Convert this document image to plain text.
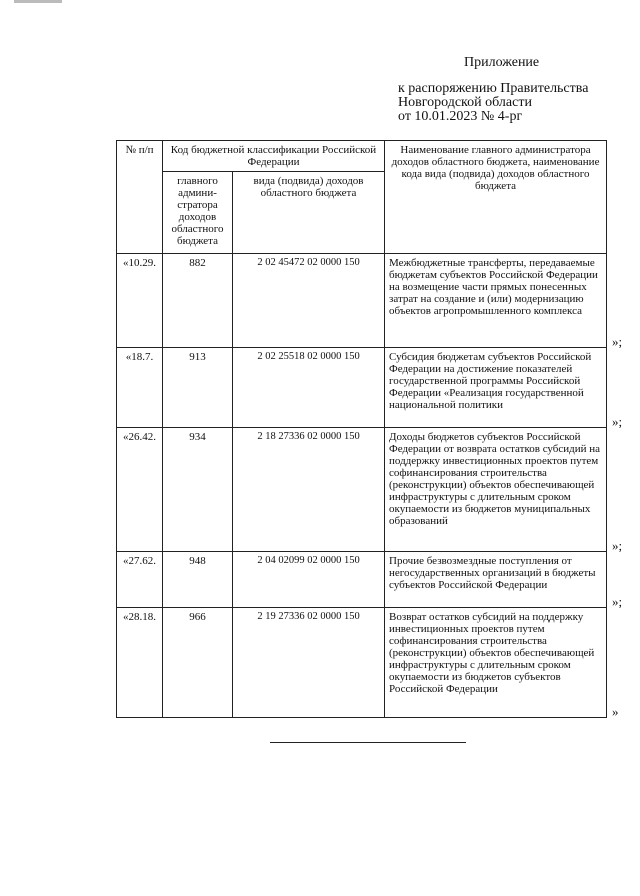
Приложение
к распоряжению Правительства
Новгородской области
от 10.01.2023 № 4-рг
№ п/п	Код бюджетной классификации Российской Федерации		Наименование главного администратора доходов областного бюджета, наименование кода вида (подвида) доходов областного бюджета
	главного админи-стратора доходов областного бюджета	вида (подвида) доходов областного бюджета	
«10.29.	882	2 02 45472 02 0000 150	Межбюджетные трансферты, передаваемые бюджетам субъектов Российской Федерации на возмещение части прямых понесенных затрат на создание и (или) модернизацию объектов агропромышленного комплекса
»;

«18.7.	913	2 02 25518 02 0000 150	Субсидия бюджетам субъектов Российской Федерации на достижение показателей государственной программы Российской Федерации «Реализация государственной национальной политики
»;

«26.42.	934	2 18 27336 02 0000 150	Доходы бюджетов субъектов Российской Федерации от возврата остатков субсидий на поддержку инвестиционных проектов путем софинансирования строительства (реконструкции) объектов обеспечивающей инфраструктуры с длительным сроком окупаемости из бюджетов муниципальных образований
»;

«27.62.	948	2 04 02099 02 0000 150	Прочие безвозмездные поступления от негосударственных организаций в бюджеты субъектов Российской Федерации
»;

«28.18.	966	2 19 27336 02 0000 150	Возврат остатков субсидий на поддержку инвестиционных проектов путем софинансирования строительства (реконструкции) объектов обеспечивающей инфраструктуры с длительным сроком окупаемости из бюджетов субъектов Российской Федерации
»
